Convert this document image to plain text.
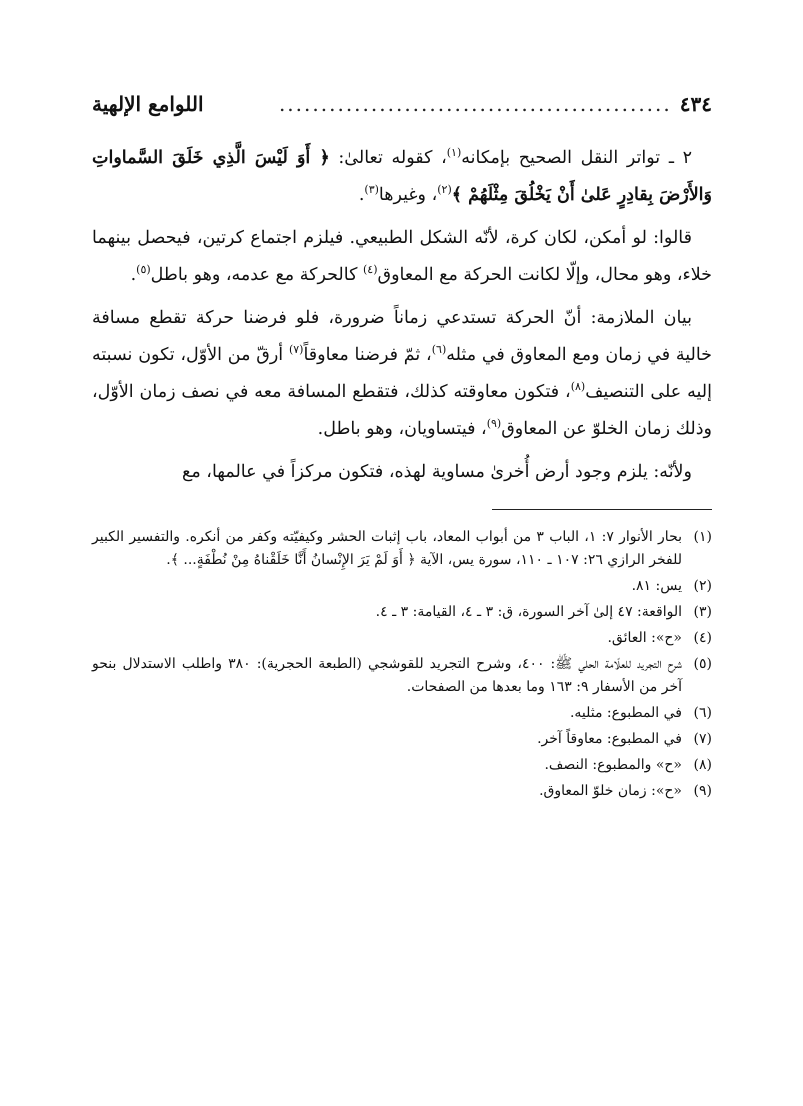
٤٣٤
...............................................
اللوامع الإلهية

٢ ـ تواتر النقل الصحيح بإمكانه$^{(١)}$، كقوله تعالىٰ: ﴿ أَوَ لَيْسَ الَّذِي خَلَقَ السَّماواتِ وَالأَرْضَ بِقادِرٍ عَلىٰ أَنْ يَخْلُقَ مِثْلَهُمْ ﴾$^{(٢)}$، وغيرها$^{(٣)}$.

قالوا: لو أمكن، لكان كرة، لأنّه الشكل الطبيعي. فيلزم اجتماع كرتين، فيحصل بينهما خلاء، وهو محال، وإلّا لكانت الحركة مع المعاوق$^{(٤)}$ كالحركة مع عدمه، وهو باطل$^{(٥)}$.

بيان الملازمة: أنّ الحركة تستدعي زماناً ضرورة، فلو فرضنا حركة تقطع مسافة خالية في زمان ومع المعاوق في مثله$^{(٦)}$، ثمّ فرضنا معاوقاً$^{(٧)}$ أرقّ من الأوّل، تكون نسبته إليه على التنصيف$^{(٨)}$، فتكون معاوقته كذلك، فتقطع المسافة معه في نصف زمان الأوّل، وذلك زمان الخلوّ عن المعاوق$^{(٩)}$، فيتساويان، وهو باطل.

ولأنّه: يلزم وجود أرض أُخرىٰ مساوية لهذه، فتكون مركزاً في عالمها، مع

(١)
بحار الأنوار ٧: ١، الباب ٣ من أبواب المعاد، باب إثبات الحشر وكيفيّته وكفر من أنكره. والتفسير الكبير للفخر الرازي ٢٦: ١٠٧ ـ ١١٠، سورة يس، الآية ﴿ أَوَ لَمْ يَرَ الإِنْسانُ أَنَّا خَلَقْناهُ مِنْ نُطْفَةٍ... ﴾.
(٢)
يس: ٨١.
(٣)
الواقعة: ٤٧ إلىٰ آخر السورة، ق: ٣ ـ ٤، القيامة: ٣ ـ ٤.
(٤)
«ح»: العائق.
(٥)
شرح التجريد للعلّامة الحلي ﷺ: ٤٠٠، وشرح التجريد للقوشجي (الطبعة الحجرية): ٣٨٠ واطلب الاستدلال بنحو آخر من الأسفار ٩: ١٦٣ وما بعدها من الصفحات.
(٦)
في المطبوع: مثليه.
(٧)
في المطبوع: معاوقاً آخر.
(٨)
«ح» والمطبوع: النصف.
(٩)
«ح»: زمان خلوّ المعاوق.
